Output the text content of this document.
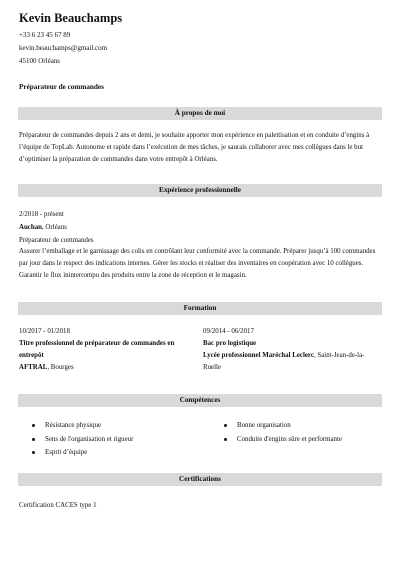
Kevin Beauchamps
+33 6 23 45 67 89
kevin.beauchamps@gmail.com
45100 Orléans
Préparateur de commandes
À propos de moi
Préparateur de commandes depuis 2 ans et demi, je souhaite apporter mon expérience en palettisation et en conduite d’engins à l’équipe de TopLab. Autonome et rapide dans l’exécution de mes tâches, je saurais collaborer avec mes collègues dans le but d’optimiser la préparation de commandes dans votre entrepôt à Orléans.
Expérience professionnelle
2/2018 - présent
Auchan, Orléans
Préparateur de commandes
Assurer l’emballage et le garnissage des colis en contrôlant leur conformité avec la commande. Préparer jusqu’à 100 commandes par jour dans le respect des indications internes. Gérer les stocks et réaliser des inventaires en coopération avec 10 collègues. Garantir le flux ininterrompu des produits entre la zone de réception et le magasin.
Formation
10/2017 - 01/2018
Titre professionnel de préparateur de commandes en entrepôt
AFTRAL, Bourges
09/2014 - 06/2017
Bac pro logistique
Lycée professionnel Maréchal Leclerc, Saint-Jean-de-la-Ruelle
Compétences
Résistance physique
Sens de l'organisation et rigueur
Esprit d’équipe
Bonne organisation
Conduite d'engins sûre et performante
Certifications
Certification CACES type 1
